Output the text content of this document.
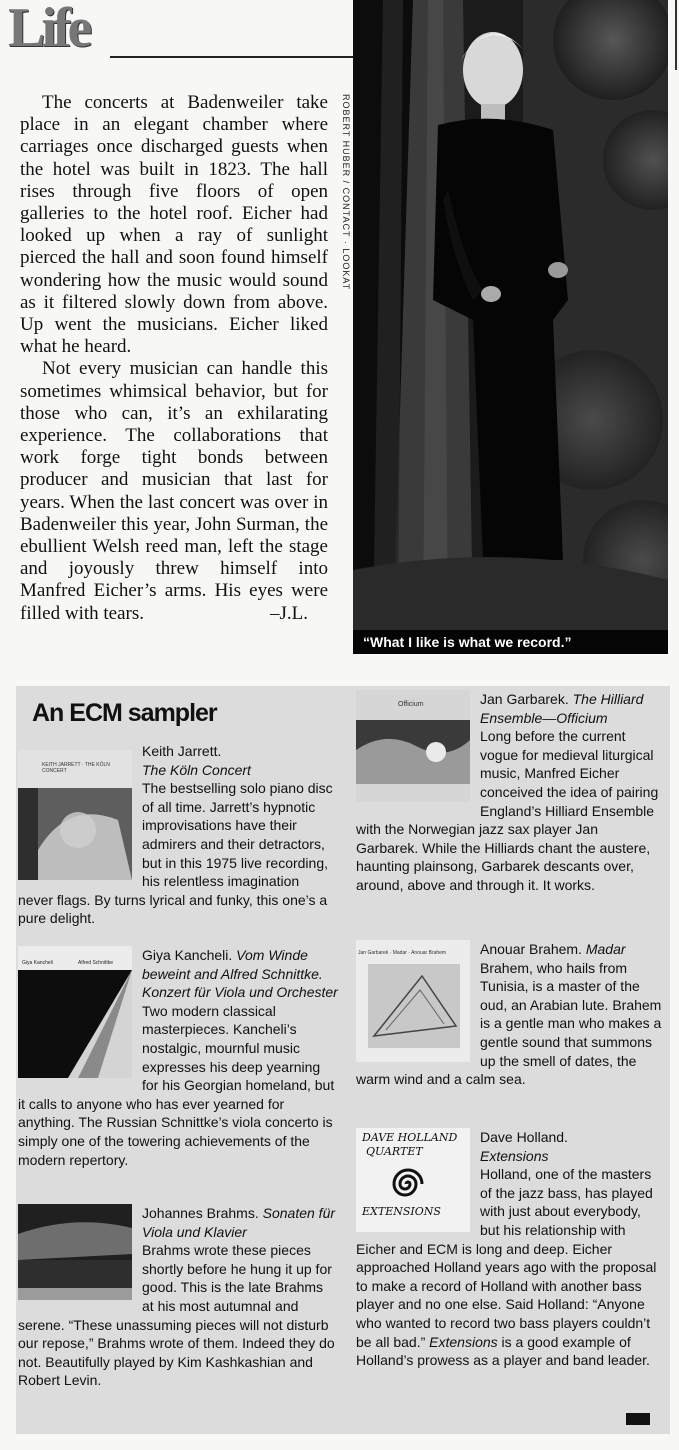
Life

The concerts at Badenweiler take place in an elegant chamber where carriages once discharged guests when the hotel was built in 1823. The hall rises through five floors of open galleries to the hotel roof. Eicher had looked up when a ray of sunlight pierced the hall and soon found himself wondering how the music would sound as it filtered slowly down from above. Up went the musicians. Eicher liked what he heard.

Not every musician can handle this sometimes whimsical behavior, but for those who can, it’s an exhilarating experience. The collaborations that work forge tight bonds between producer and musician that last for years. When the last concert was over in Badenweiler this year, John Surman, the ebullient Welsh reed man, left the stage and joyously threw himself into Manfred Eicher’s arms. His eyes were filled with tears.	–J.L.

ROBERT HUBER / CONTACT · LOOKAT
“What I like is what we record.”
An ECM sampler
KEITH JARRETT · THE KÖLN CONCERT

Keith Jarrett.

The Köln Concert

The bestselling solo piano disc of all time. Jarrett’s hypnotic improvisations have their admirers and their detractors, but in this 1975 live recording, his relentless imagination never flags. By turns lyrical and funky, this one’s a pure delight.

Giya Kancheli	Alfred Schnittke	Giya Kancheli. Vom Winde beweint and Alfred Schnittke. Konzert für Viola und Orchester

Two modern classical masterpieces. Kancheli’s nostalgic, mournful music expresses his deep yearning for his Georgian homeland, but it calls to anyone who has ever yearned for anything. The Russian Schnittke’s viola concerto is simply one of the towering achievements of the modern repertory.

Johannes Brahms. Sonaten für Viola und Klavier

Brahms wrote these pieces shortly before he hung it up for good. This is the late Brahms at his most autumnal and serene. “These unassuming pieces will not disturb our repose,” Brahms wrote of them. Indeed they do not. Beautifully played by Kim Kashkashian and Robert Levin.

Officium	Jan Garbarek. The Hilliard Ensemble—Officium

Long before the current vogue for medieval liturgical music, Manfred Eicher conceived the idea of pairing England’s Hilliard Ensemble with the Norwegian jazz sax player Jan Garbarek. While the Hilliards chant the austere, haunting plainsong, Garbarek descants over, around, above and through it. It works.

Jan Garbarek · Madar · Anouar Brahem	Anouar Brahem. Madar

Brahem, who hails from Tunisia, is a master of the oud, an Arabian lute. Brahem is a gentle man who makes a gentle sound that summons up the smell of dates, the warm wind and a calm sea.

DAVE HOLLAND
QUARTET
EXTENSIONS

Dave Holland.

Extensions

Holland, one of the masters of the jazz bass, has played with just about everybody, but his relationship with Eicher and ECM is long and deep. Eicher approached Holland years ago with the proposal to make a record of Holland with another bass player and no one else. Said Holland: “Anyone who wanted to record two bass players couldn’t be all bad.” Extensions is a good example of Holland’s prowess as a player and band leader.
